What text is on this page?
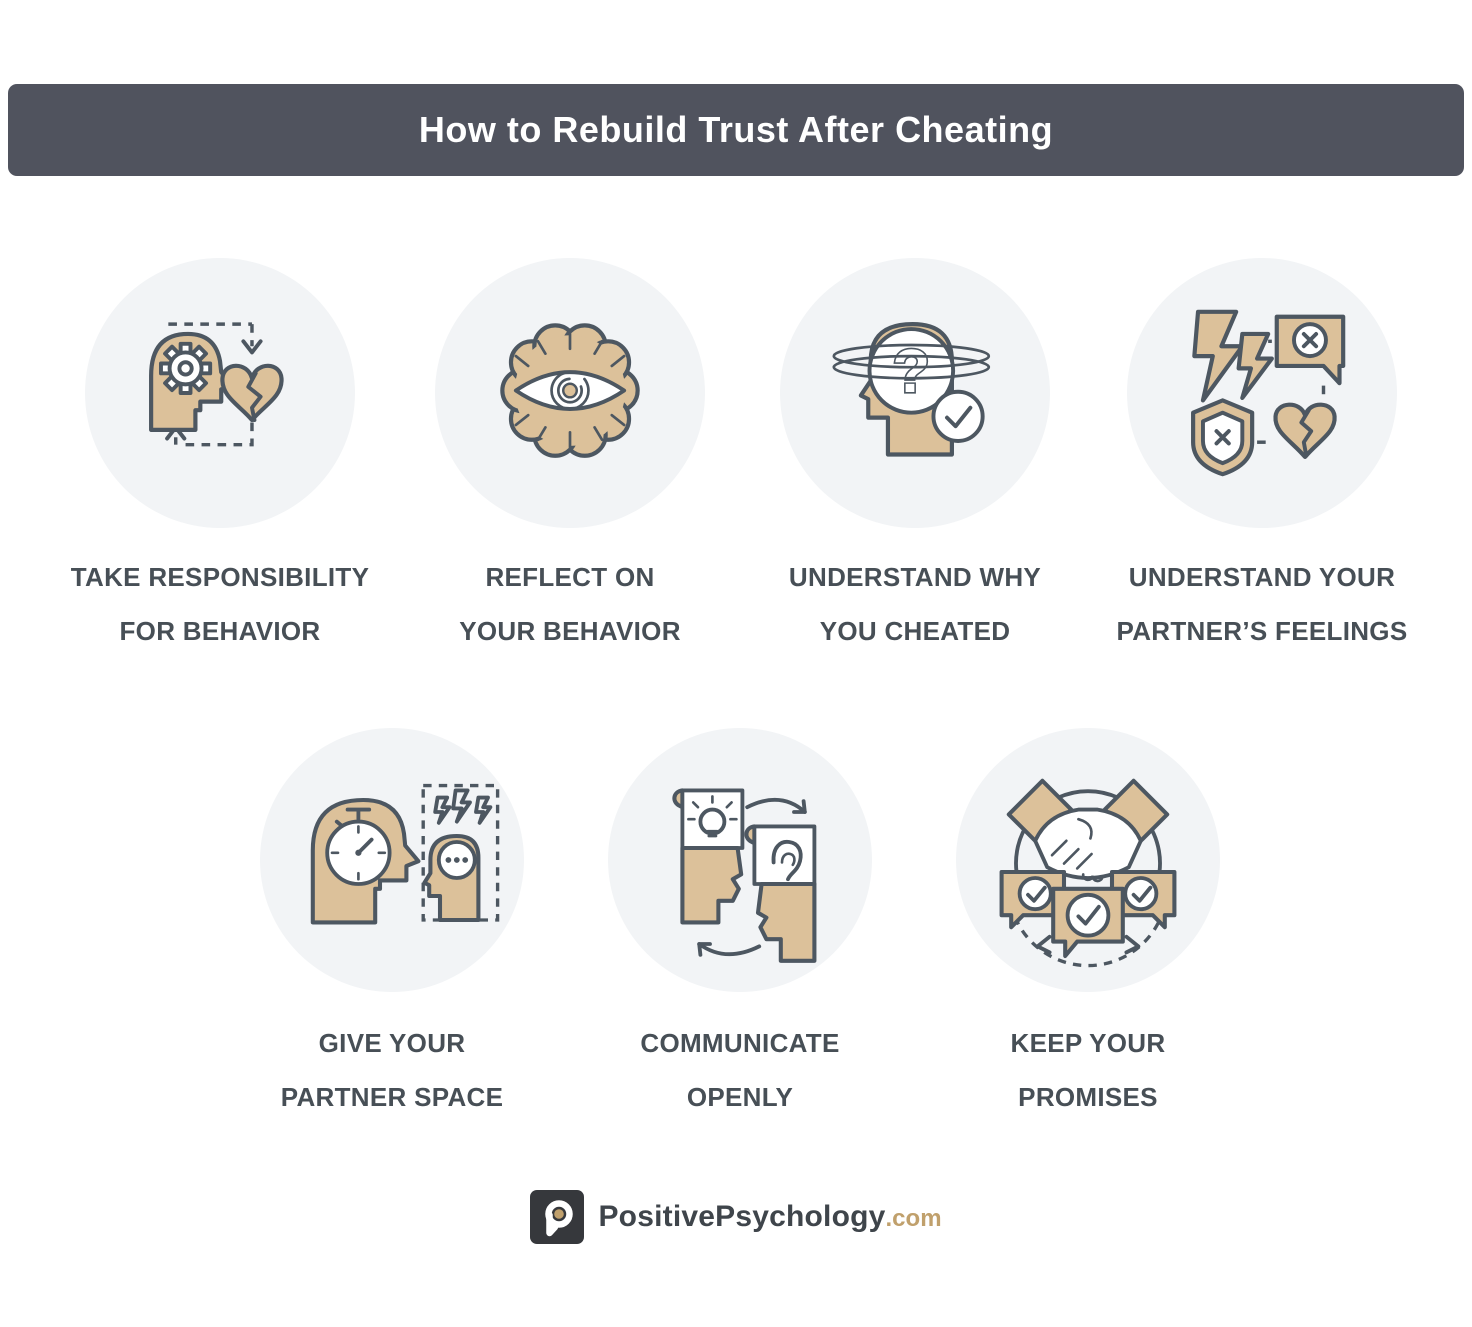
How to Rebuild Trust After Cheating
TAKE RESPONSIBILITY
FOR BEHAVIOR
REFLECT ON
YOUR BEHAVIOR
?
UNDERSTAND WHY
YOU CHEATED
UNDERSTAND YOUR
PARTNER’S FEELINGS
GIVE YOUR
PARTNER SPACE
COMMUNICATE
OPENLY
KEEP YOUR
PROMISES
PositivePsychology.com
